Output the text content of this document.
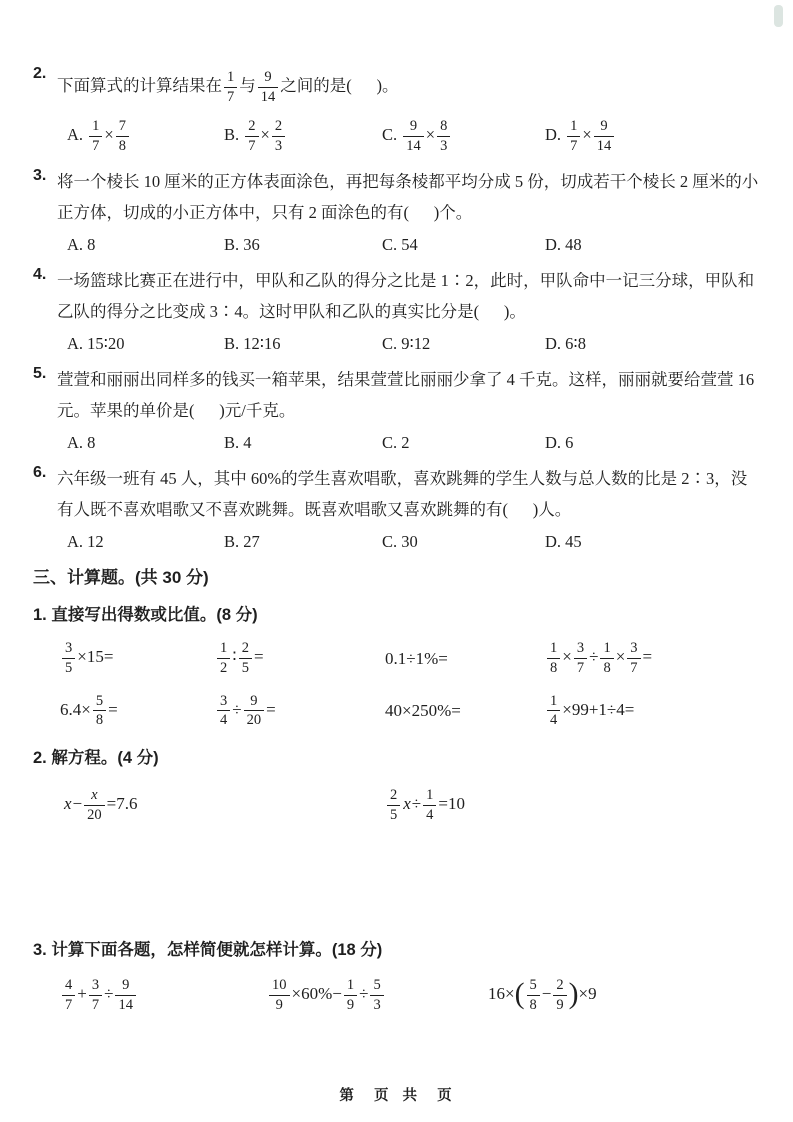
2.
下面算式的计算结果在 $\frac{1}{7}$ 与 $\frac{9}{14}$ 之间的是(      )。
A. $\frac{1}{7} \times \frac{7}{8}$	B. $\frac{2}{7} \times \frac{2}{3}$	C. $\frac{9}{14} \times \frac{8}{3}$	D. $\frac{1}{7} \times \frac{9}{14}$
3. 将一个棱长 10 厘米的正方体表面涂色，再把每条棱都平均分成 5 份，切成若干个棱长 2 厘米的小正方体，切成的小正方体中，只有 2 面涂色的有(      )个。
A. 8	B. 36	C. 54	D. 48
4. 一场篮球比赛正在进行中，甲队和乙队的得分之比是 1∶2，此时，甲队命中一记三分球，甲队和乙队的得分之比变成 3∶4。这时甲队和乙队的真实比分是(      )。
A. 15∶20	B. 12∶16	C. 9∶12	D. 6∶8
5. 萱萱和丽丽出同样多的钱买一箱苹果，结果萱萱比丽丽少拿了 4 千克。这样，丽丽就要给萱萱 16 元。苹果的单价是(      )元/千克。
A. 8	B. 4	C. 2	D. 6
6. 六年级一班有 45 人，其中 60%的学生喜欢唱歌，喜欢跳舞的学生人数与总人数的比是 2∶3，没有人既不喜欢唱歌又不喜欢跳舞。既喜欢唱歌又喜欢跳舞的有(      )人。
A. 12	B. 27	C. 30	D. 45
三、计算题。(共 30 分)
1. 直接写出得数或比值。(8 分)
$\frac{3}{5} \times 15=$	$\frac{1}{2}$ ∶ $\frac{2}{5}$ =	0.1÷1%=	$\frac{1}{8} \times \frac{3}{7} \div \frac{1}{8} \times \frac{3}{7}$ =
$6.4\times \frac{5}{8}$ =	$\frac{3}{4} \div \frac{9}{20}$ =	40×250%=	$\frac{1}{4} \times 99+1\div 4=$
2. 解方程。(4 分)
$x- \frac{x}{20} =7.6$	$\frac{2}{5} x\div \frac{1}{4} =10$
3. 计算下面各题，怎样简便就怎样计算。(18 分)
$\frac{4}{7} + \frac{3}{7} \div \frac{9}{14}$	$\frac{10}{9} \times 60\%- \frac{1}{9} \div \frac{5}{3}$	$16\times( \frac{5}{8} - \frac{2}{9} )\times 9$
第   页  共   页
